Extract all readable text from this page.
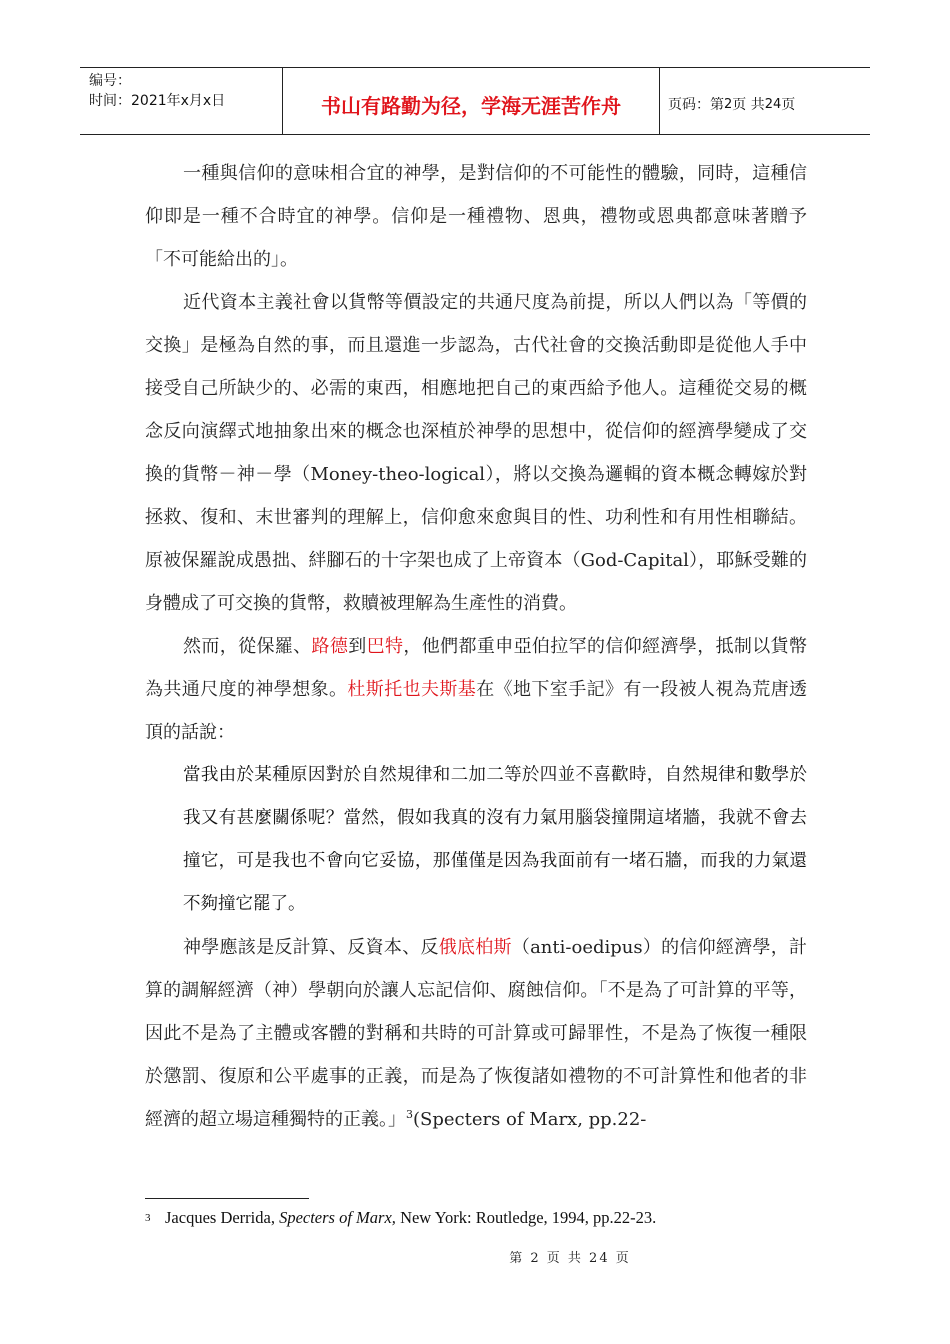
编号：
时间：2021年x月x日	书山有路勤为径，学海无涯苦作舟	页码：第 2 页 共 24 页

一種與信仰的意味相合宜的神學，是對信仰的不可能性的體驗，同時，這種信仰即是一種不合時宜的神學。信仰是一種禮物、恩典，禮物或恩典都意味著贈予「不可能給出的」。

近代資本主義社會以貨幣等價設定的共通尺度為前提，所以人們以為「等價的交換」是極為自然的事，而且還進一步認為，古代社會的交換活動即是從他人手中接受自己所缺少的、必需的東西，相應地把自己的東西給予他人。這種從交易的概念反向演繹式地抽象出來的概念也深植於神學的思想中，從信仰的經濟學變成了交換的貨幣－神－學（Money-theo-logical），將以交換為邏輯的資本概念轉嫁於對拯救、復和、末世審判的理解上，信仰愈來愈與目的性、功利性和有用性相聯結。原被保羅說成愚拙、絆腳石的十字架也成了上帝資本（God-Capital），耶穌受難的身體成了可交換的貨幣，救贖被理解為生產性的消費。

然而，從保羅、路德到巴特，他們都重申亞伯拉罕的信仰經濟學，抵制以貨幣為共通尺度的神學想象。杜斯托也夫斯基在《地下室手記》有一段被人視為荒唐透頂的話說：

當我由於某種原因對於自然規律和二加二等於四並不喜歡時，自然規律和數學於我又有甚麼關係呢？當然，假如我真的沒有力氣用腦袋撞開這堵牆，我就不會去撞它，可是我也不會向它妥協，那僅僅是因為我面前有一堵石牆，而我的力氣還不夠撞它罷了。

神學應該是反計算、反資本、反俄底柏斯（anti-oedipus）的信仰經濟學，計算的調解經濟（神）學朝向於讓人忘記信仰、腐蝕信仰。「不是為了可計算的平等，因此不是為了主體或客體的對稱和共時的可計算或可歸罪性，不是為了恢復一種限於懲罰、復原和公平處事的正義，而是為了恢復諸如禮物的不可計算性和他者的非經濟的超立場這種獨特的正義。」$^3$(Specters of Marx, pp.22-

3 Jacques Derrida, Specters of Marx, New York: Routledge, 1994, pp.22-23.
第 2 页 共 24 页
